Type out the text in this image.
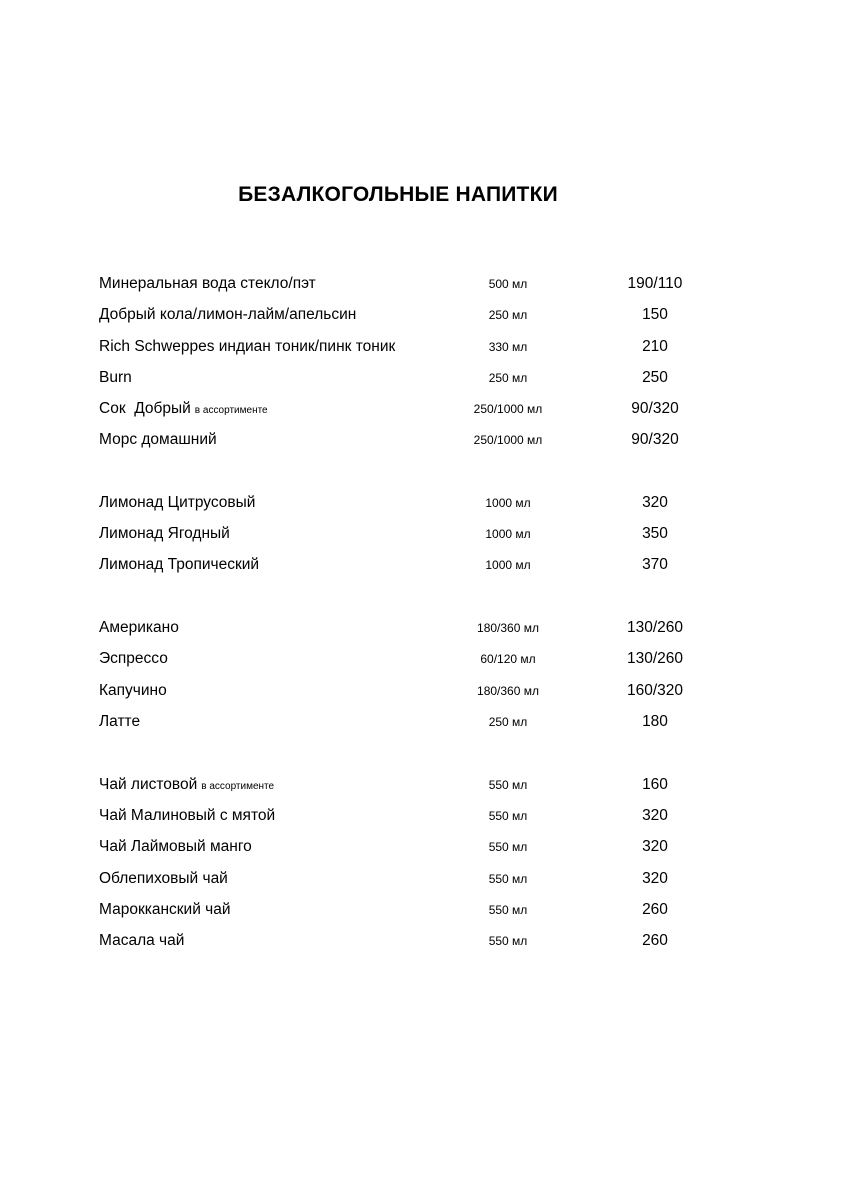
БЕЗАЛКОГОЛЬНЫЕ НАПИТКИ
Минеральная вода стекло/пэт	500 мл	190/110
Добрый кола/лимон-лайм/апельсин	250 мл	150
Rich Schweppes индиан тоник/пинк тоник	330 мл	210
Burn	250 мл	250
Сок  Добрый в ассортименте	250/1000 мл	90/320
Морс домашний	250/1000 мл	90/320
Лимонад Цитрусовый	1000 мл	320
Лимонад Ягодный	1000 мл	350
Лимонад Тропический	1000 мл	370
Американо	180/360 мл	130/260
Эспрессо	60/120 мл	130/260
Капучино	180/360 мл	160/320
Латте	250 мл	180
Чай листовой в ассортименте	550 мл	160
Чай Малиновый с мятой	550 мл	320
Чай Лаймовый манго	550 мл	320
Облепиховый чай	550 мл	320
Марокканский чай	550 мл	260
Масала чай	550 мл	260
